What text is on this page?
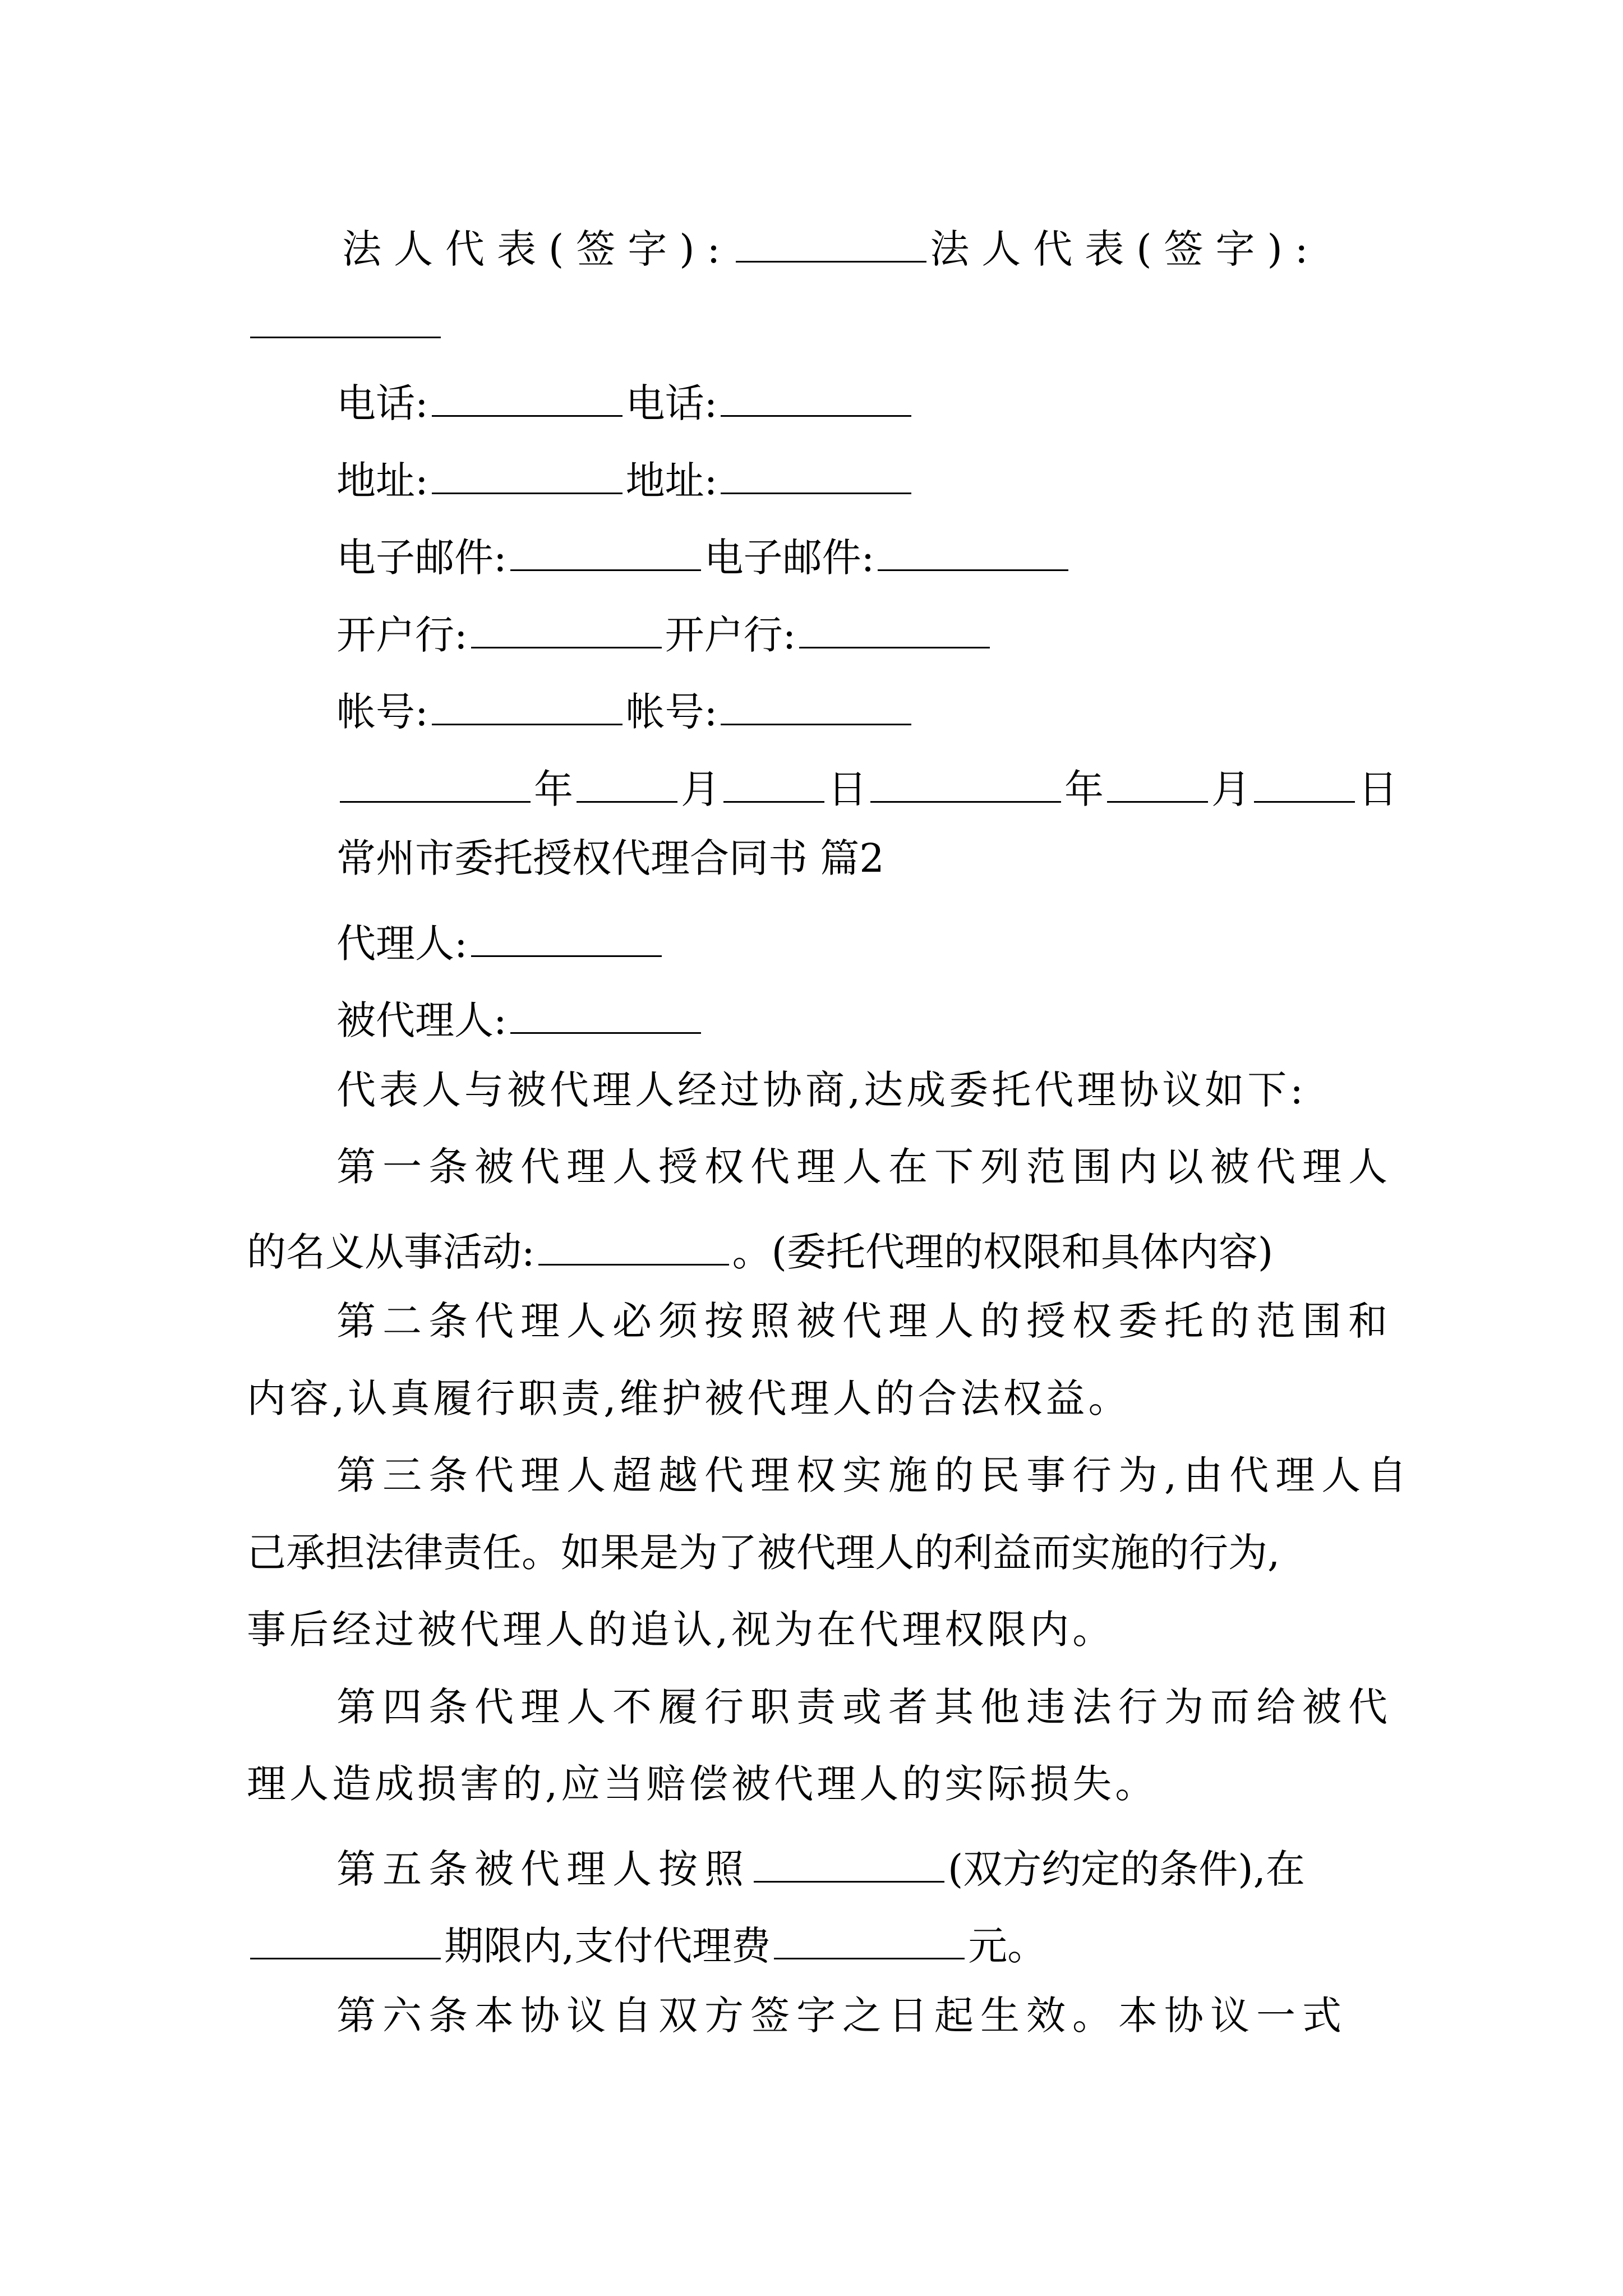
法人代表(签字):	法人代表(签字):
电话:	电话:
地址:	地址:
电子邮件:	电子邮件:
开户行:	开户行:
帐号:	帐号:
年	月	日	年	月	日
常州市委托授权代理合同书 篇2
代理人:
被代理人:
代表人与被代理人经过协商,达成委托代理协议如下:
第一条被代理人授权代理人在下列范围内以被代理人
的名义从事活动:	。(委托代理的权限和具体内容)
第二条代理人必须按照被代理人的授权委托的范围和
内容,认真履行职责,维护被代理人的合法权益。
第三条代理人超越代理权实施的民事行为,由代理人自
己承担法律责任。如果是为了被代理人的利益而实施的行为,
事后经过被代理人的追认,视为在代理权限内。
第四条代理人不履行职责或者其他违法行为而给被代
理人造成损害的,应当赔偿被代理人的实际损失。
第五条被代理人按照	(双方约定的条件),在
期限内,支付代理费	元。
第六条本协议自双方签字之日起生效。本协议一式
